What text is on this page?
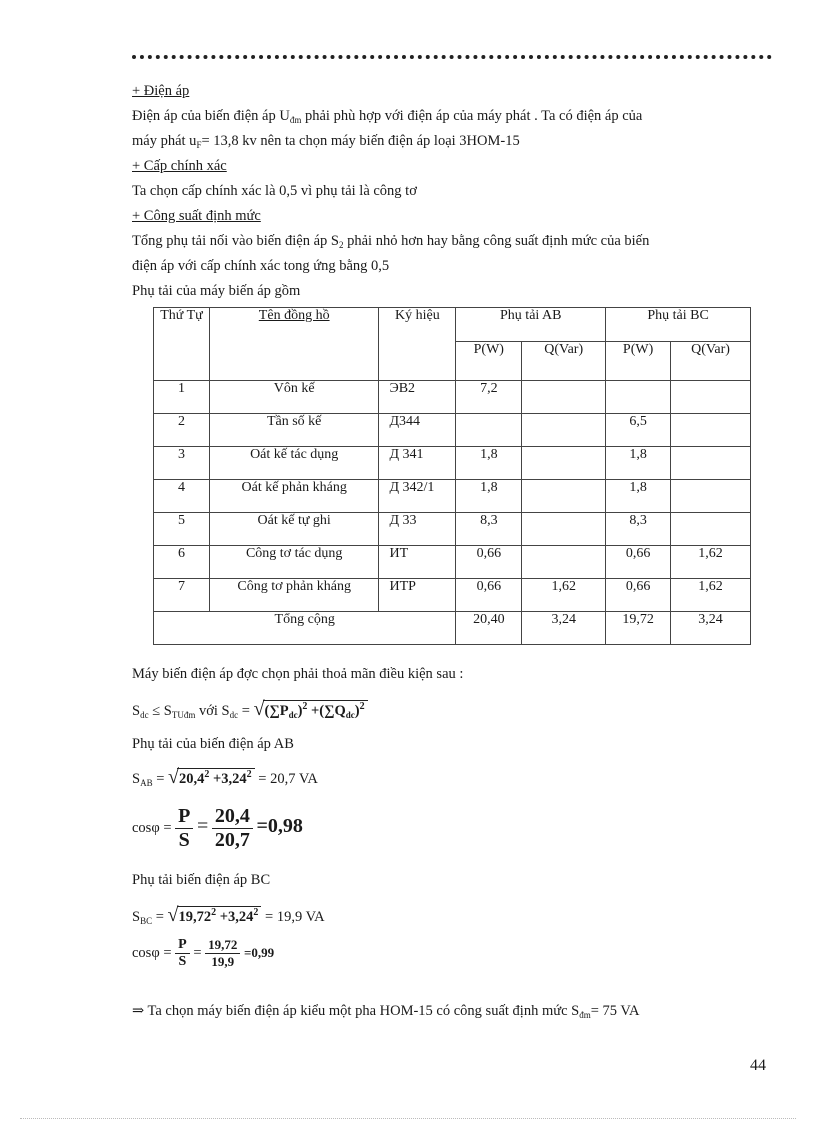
+ Điện áp
Điện áp của biến điện áp $U_{đm}$ phải phù hợp với điện áp của máy phát . Ta có điện áp của
máy phát $u_F= 13,8$ kv nên ta chọn máy biến điện áp loại 3HOM-15
+ Cấp chính xác
Ta chọn cấp chính xác là 0,5 vì phụ tải là công tơ
+ Công suất định mức
Tổng phụ tải nối vào biến điện áp $S_2$ phải nhỏ hơn hay bằng công suất định mức của biến
điện áp với cấp chính xác tong ứng bằng 0,5
Phụ tải của máy biến áp gồm
Thứ Tự	Tên đồng hồ	Ký hiệu	Phụ tải AB		Phụ tải BC	
			P(W)	Q(Var)	P(W)	Q(Var)
1	Vôn kế	ЭB2	7,2			
2	Tần số kế	Д344			6,5	
3	Oát kế tác dụng	Д 341	1,8		1,8	
4	Oát kế phản kháng	Д 342/1	1,8		1,8	
5	Oát kế tự ghi	Д 33	8,3		8,3	
6	Công tơ tác dụng	ИT	0,66		0,66	1,62
7	Công tơ phản kháng	ИTP	0,66	1,62	0,66	1,62
Tổng cộng			20,40	3,24	19,72	3,24
Máy biến điện áp đợc chọn phải thoả mãn điều kiện sau :
$S_{dc} \le S_{TUđm}$ với $S_{dc} = √(\sum P_{dc})^2 +(\sum Q_{dc})^2$
Phụ tải của biến điện áp AB
$S_{AB} = √20,4^2 +3,24^2 = 20,7$ VA
$\cos\varphi = \frac{P}{S} = \frac{20,4}{20,7} =0,98$
Phụ tải biến điện áp BC
$S_{BC} = √19,72^2 +3,24^2 = 19,9$ VA
$\cos\varphi = \frac{P}{S} = \frac{19,72}{19,9} =0,99$
⇒ Ta chọn máy biến điện áp kiểu một pha HOM-15 có công suất định mức $S_{đm}= 75$ VA
44
